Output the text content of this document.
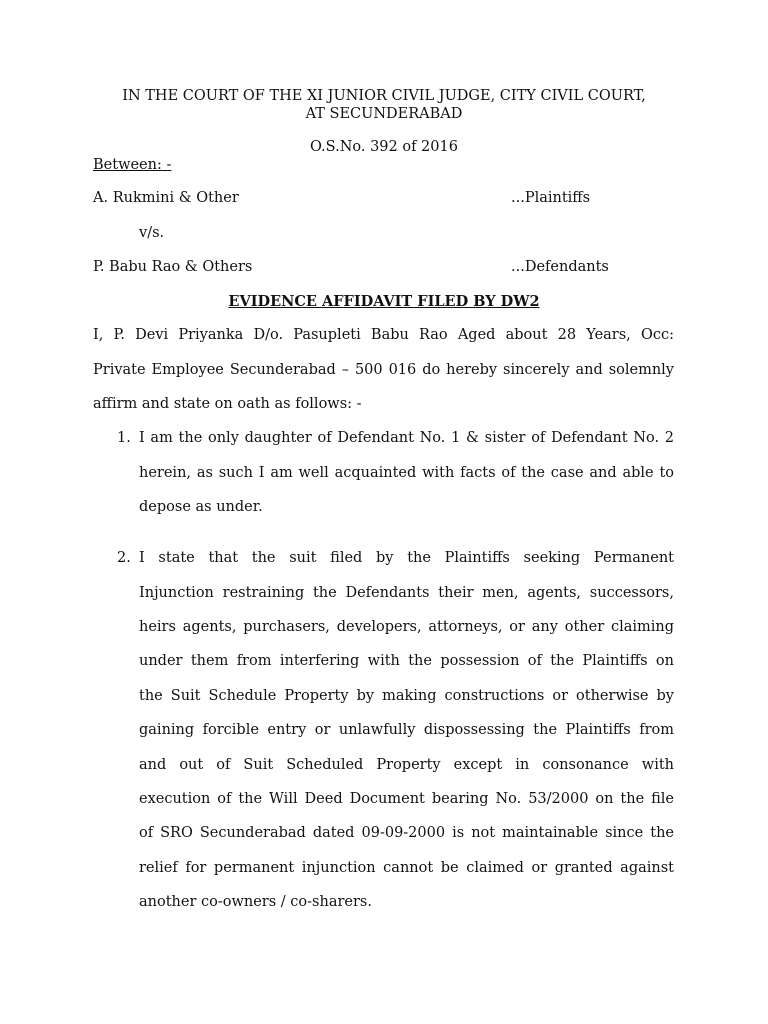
IN THE COURT OF THE XI JUNIOR CIVIL JUDGE, CITY CIVIL COURT,
AT SECUNDERABAD
O.S.No. 392 of 2016
Between: -
A. Rukmini & Other	...Plaintiffs
v/s.
P. Babu Rao & Others	...Defendants
EVIDENCE AFFIDAVIT FILED BY DW2
I, P. Devi Priyanka D/o. Pasupleti Babu Rao Aged about 28 Years, Occ:
Private Employee Secunderabad – 500 016 do hereby sincerely and solemnly
affirm and state on oath as follows: -
1. I am the only daughter of Defendant No. 1 & sister of Defendant No. 2
herein, as such I am well acquainted with facts of the case and able to
depose as under.
2. I state that the suit filed by the Plaintiffs seeking Permanent
Injunction restraining the Defendants their men, agents, successors,
heirs agents, purchasers, developers, attorneys, or any other claiming
under them from interfering with the possession of the Plaintiffs on
the Suit Schedule Property by making constructions or otherwise by
gaining forcible entry or unlawfully dispossessing the Plaintiffs from
and out of Suit Scheduled Property except in consonance with
execution of the Will Deed Document bearing No. 53/2000 on the file
of SRO Secunderabad dated 09-09-2000 is not maintainable since the
relief for permanent injunction cannot be claimed or granted against
another co-owners / co-sharers.
